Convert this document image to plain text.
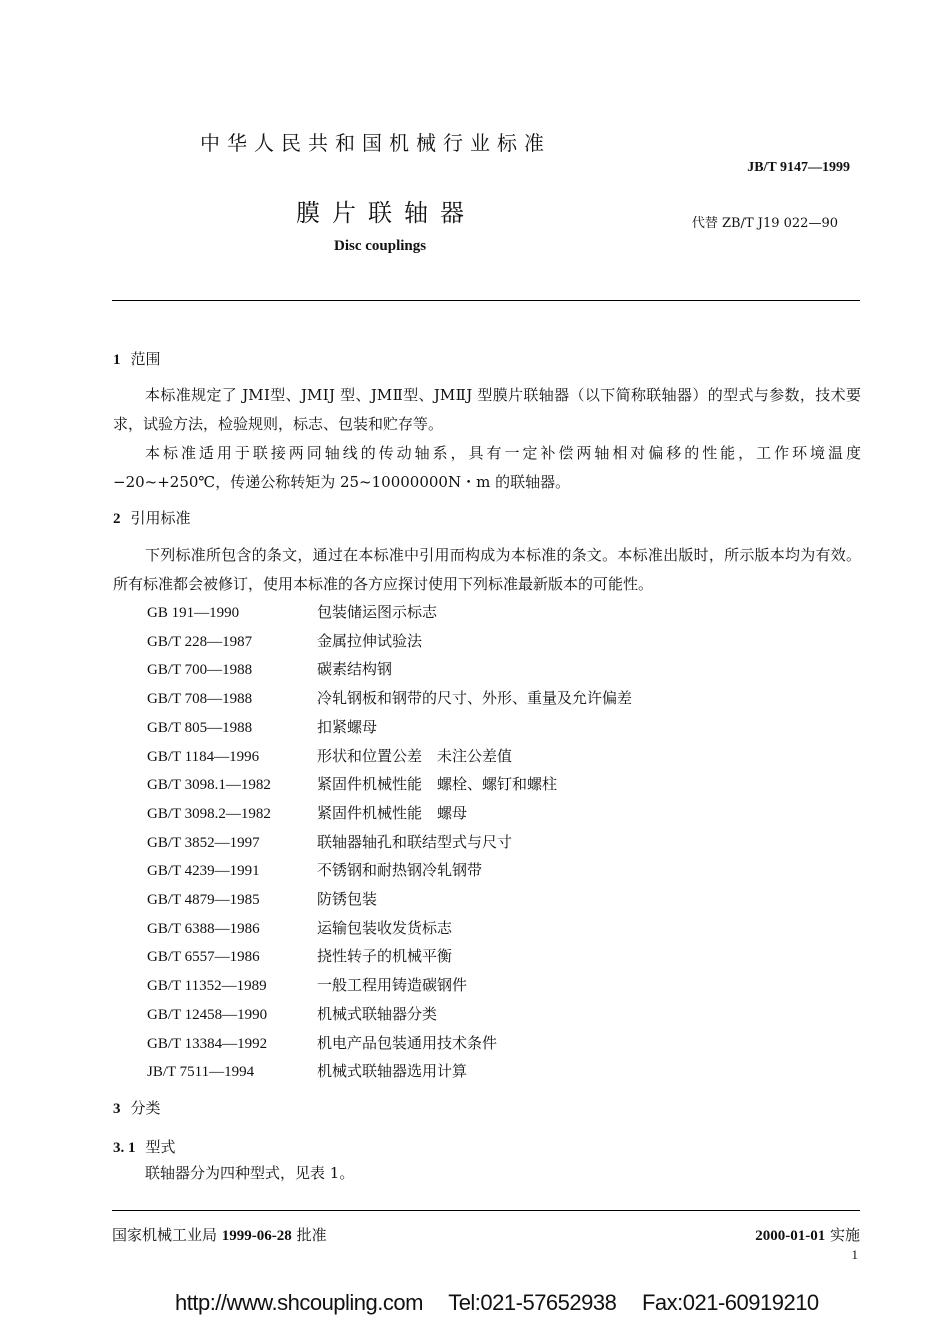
中华人民共和国机械行业标准
JB/T 9147—1999
膜片联轴器	代替 ZB/T J19 022—90
Disc couplings
1 范围
本标准规定了 JMⅠ型、JMⅠJ 型、JMⅡ型、JMⅡJ 型膜片联轴器（以下简称联轴器）的型式与参数，技术要求，试验方法，检验规则，标志、包装和贮存等。
本标准适用于联接两同轴线的传动轴系，具有一定补偿两轴相对偏移的性能，工作环境温度−20~+250℃，传递公称转矩为 25~10000000N・m 的联轴器。
2 引用标准
下列标准所包含的条文，通过在本标准中引用而构成为本标准的条文。本标准出版时，所示版本均为有效。所有标准都会被修订，使用本标准的各方应探讨使用下列标准最新版本的可能性。
GB 191—1990	包装储运图示标志
GB/T 228—1987	金属拉伸试验法
GB/T 700—1988	碳素结构钢
GB/T 708—1988	冷轧钢板和钢带的尺寸、外形、重量及允许偏差
GB/T 805—1988	扣紧螺母
GB/T 1184—1996	形状和位置公差　未注公差值
GB/T 3098.1—1982	紧固件机械性能　螺栓、螺钉和螺柱
GB/T 3098.2—1982	紧固件机械性能　螺母
GB/T 3852—1997	联轴器轴孔和联结型式与尺寸
GB/T 4239—1991	不锈钢和耐热钢冷轧钢带
GB/T 4879—1985	防锈包装
GB/T 6388—1986	运输包装收发货标志
GB/T 6557—1986	挠性转子的机械平衡
GB/T 11352—1989	一般工程用铸造碳钢件
GB/T 12458—1990	机械式联轴器分类
GB/T 13384—1992	机电产品包装通用技术条件
JB/T 7511—1994	机械式联轴器选用计算
3 分类
3. 1 型式
联轴器分为四种型式，见表 1。
国家机械工业局 1999-06-28 批准	2000-01-01 实施
1
http://www.shcoupling.com Tel:021-57652938 Fax:021-60919210
